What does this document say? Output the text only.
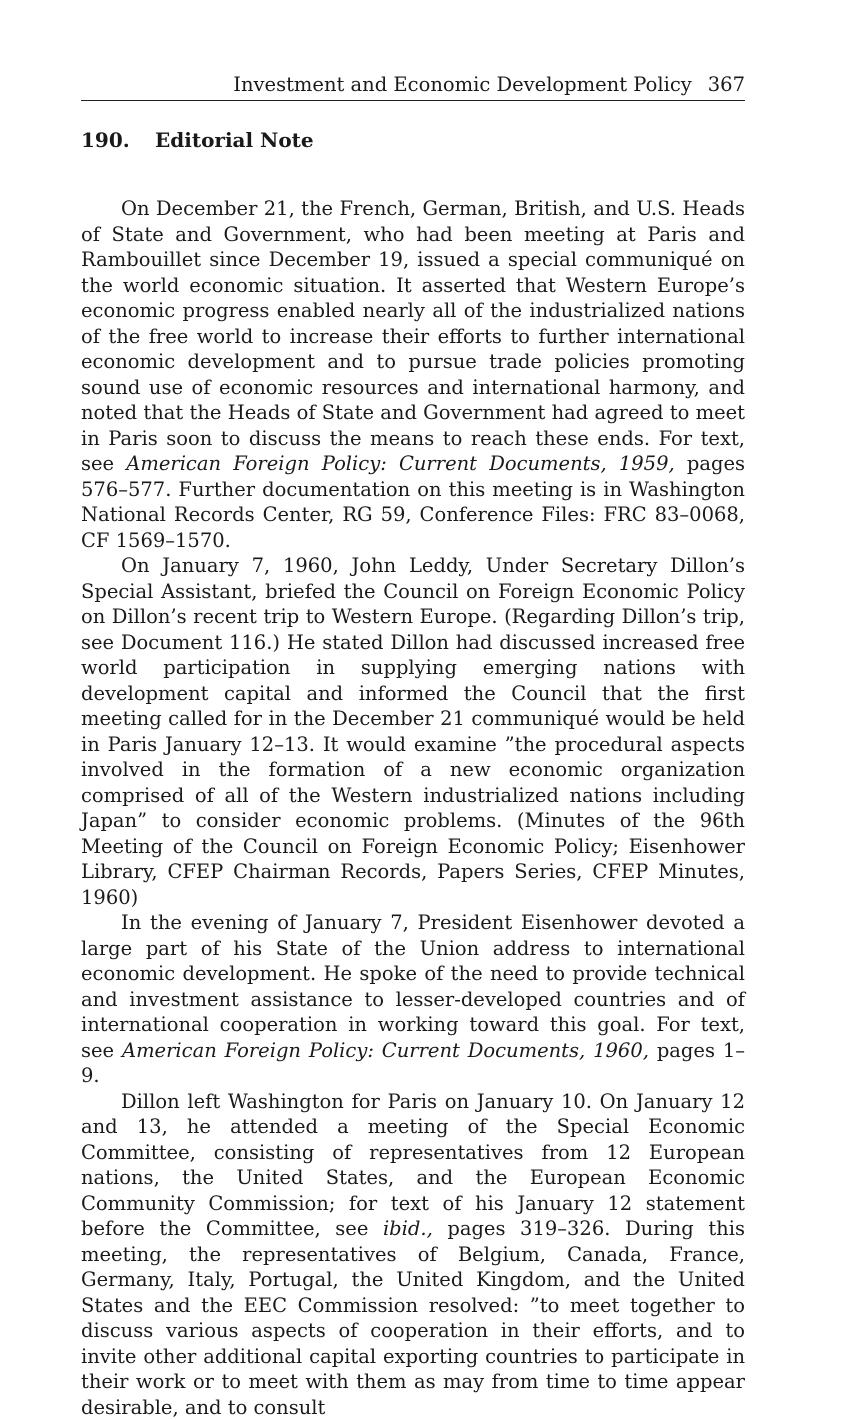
Investment and Economic Development Policy 367
190.	Editorial Note

On December 21, the French, German, British, and U.S. Heads of State and Government, who had been meeting at Paris and Rambouillet since December 19, issued a special communiqué on the world economic situation. It asserted that Western Europe’s economic progress enabled nearly all of the industrialized nations of the free world to increase their efforts to further international economic development and to pursue trade policies promoting sound use of economic resources and international harmony, and noted that the Heads of State and Government had agreed to meet in Paris soon to discuss the means to reach these ends. For text, see American Foreign Policy: Current Documents, 1959, pages 576–577. Further documentation on this meeting is in Washington National Records Center, RG 59, Conference Files: FRC 83–0068, CF 1569–1570.

On January 7, 1960, John Leddy, Under Secretary Dillon’s Special Assistant, briefed the Council on Foreign Economic Policy on Dillon’s recent trip to Western Europe. (Regarding Dillon’s trip, see Document 116.) He stated Dillon had discussed increased free world participation in supplying emerging nations with development capital and informed the Council that the first meeting called for in the December 21 communiqué would be held in Paris January 12–13. It would examine ”the procedural aspects involved in the formation of a new economic organization comprised of all of the Western industrialized nations including Japan” to consider economic problems. (Minutes of the 96th Meeting of the Council on Foreign Economic Policy; Eisenhower Library, CFEP Chairman Records, Papers Series, CFEP Minutes, 1960)

In the evening of January 7, President Eisenhower devoted a large part of his State of the Union address to international economic development. He spoke of the need to provide technical and investment assistance to lesser-developed countries and of international cooperation in working toward this goal. For text, see American Foreign Policy: Current Documents, 1960, pages 1–9.

Dillon left Washington for Paris on January 10. On January 12 and 13, he attended a meeting of the Special Economic Committee, consisting of representatives from 12 European nations, the United States, and the European Economic Community Commission; for text of his January 12 statement before the Committee, see ibid., pages 319–326. During this meeting, the representatives of Belgium, Canada, France, Germany, Italy, Portugal, the United Kingdom, and the United States and the EEC Commission resolved: ”to meet together to discuss various aspects of cooperation in their efforts, and to invite other additional capital exporting countries to participate in their work or to meet with them as may from time to time appear desirable, and to consult
